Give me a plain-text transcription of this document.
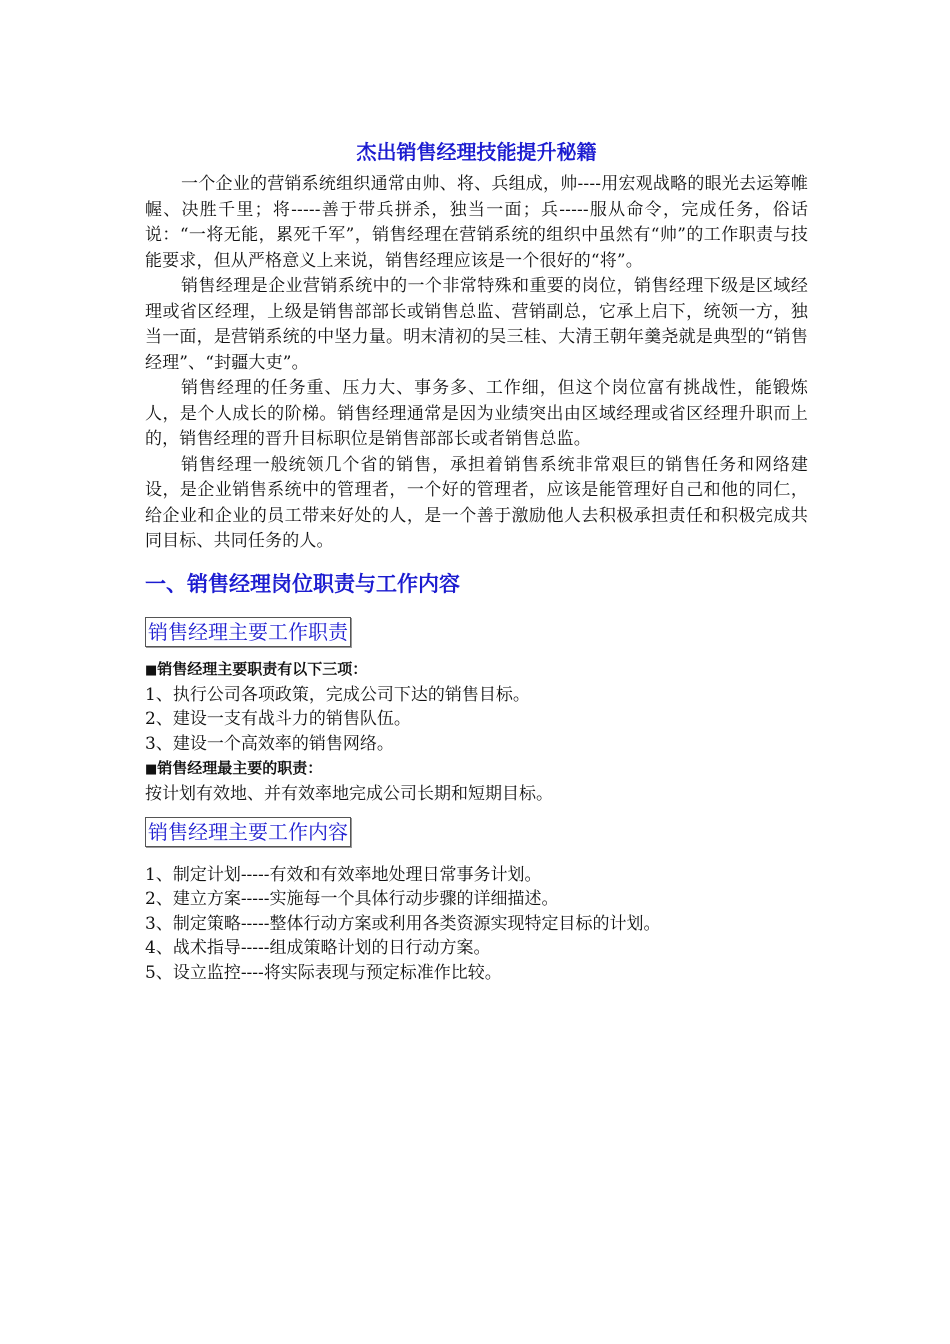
杰出销售经理技能提升秘籍

一个企业的营销系统组织通常由帅、将、兵组成，帅----用宏观战略的眼光去运筹帷幄、决胜千里；将-----善于带兵拼杀，独当一面；兵-----服从命令，完成任务，俗话说：“一将无能，累死千军”，销售经理在营销系统的组织中虽然有“帅”的工作职责与技能要求，但从严格意义上来说，销售经理应该是一个很好的“将”。

销售经理是企业营销系统中的一个非常特殊和重要的岗位，销售经理下级是区域经理或省区经理，上级是销售部部长或销售总监、营销副总，它承上启下，统领一方，独当一面，是营销系统的中坚力量。明末清初的吴三桂、大清王朝年羹尧就是典型的“销售经理”、“封疆大吏”。

销售经理的任务重、压力大、事务多、工作细，但这个岗位富有挑战性，能锻炼人，是个人成长的阶梯。销售经理通常是因为业绩突出由区域经理或省区经理升职而上的，销售经理的晋升目标职位是销售部部长或者销售总监。

销售经理一般统领几个省的销售，承担着销售系统非常艰巨的销售任务和网络建设，是企业销售系统中的管理者，一个好的管理者，应该是能管理好自己和他的同仁，给企业和企业的员工带来好处的人，是一个善于激励他人去积极承担责任和积极完成共同目标、共同任务的人。

一、销售经理岗位职责与工作内容
销售经理主要工作职责

■销售经理主要职责有以下三项：

1、执行公司各项政策，完成公司下达的销售目标。

2、建设一支有战斗力的销售队伍。

3、建设一个高效率的销售网络。

■销售经理最主要的职责：

按计划有效地、并有效率地完成公司长期和短期目标。

销售经理主要工作内容

1、制定计划-----有效和有效率地处理日常事务计划。

2、建立方案-----实施每一个具体行动步骤的详细描述。

3、制定策略-----整体行动方案或利用各类资源实现特定目标的计划。

4、战术指导-----组成策略计划的日行动方案。

5、设立监控----将实际表现与预定标准作比较。
